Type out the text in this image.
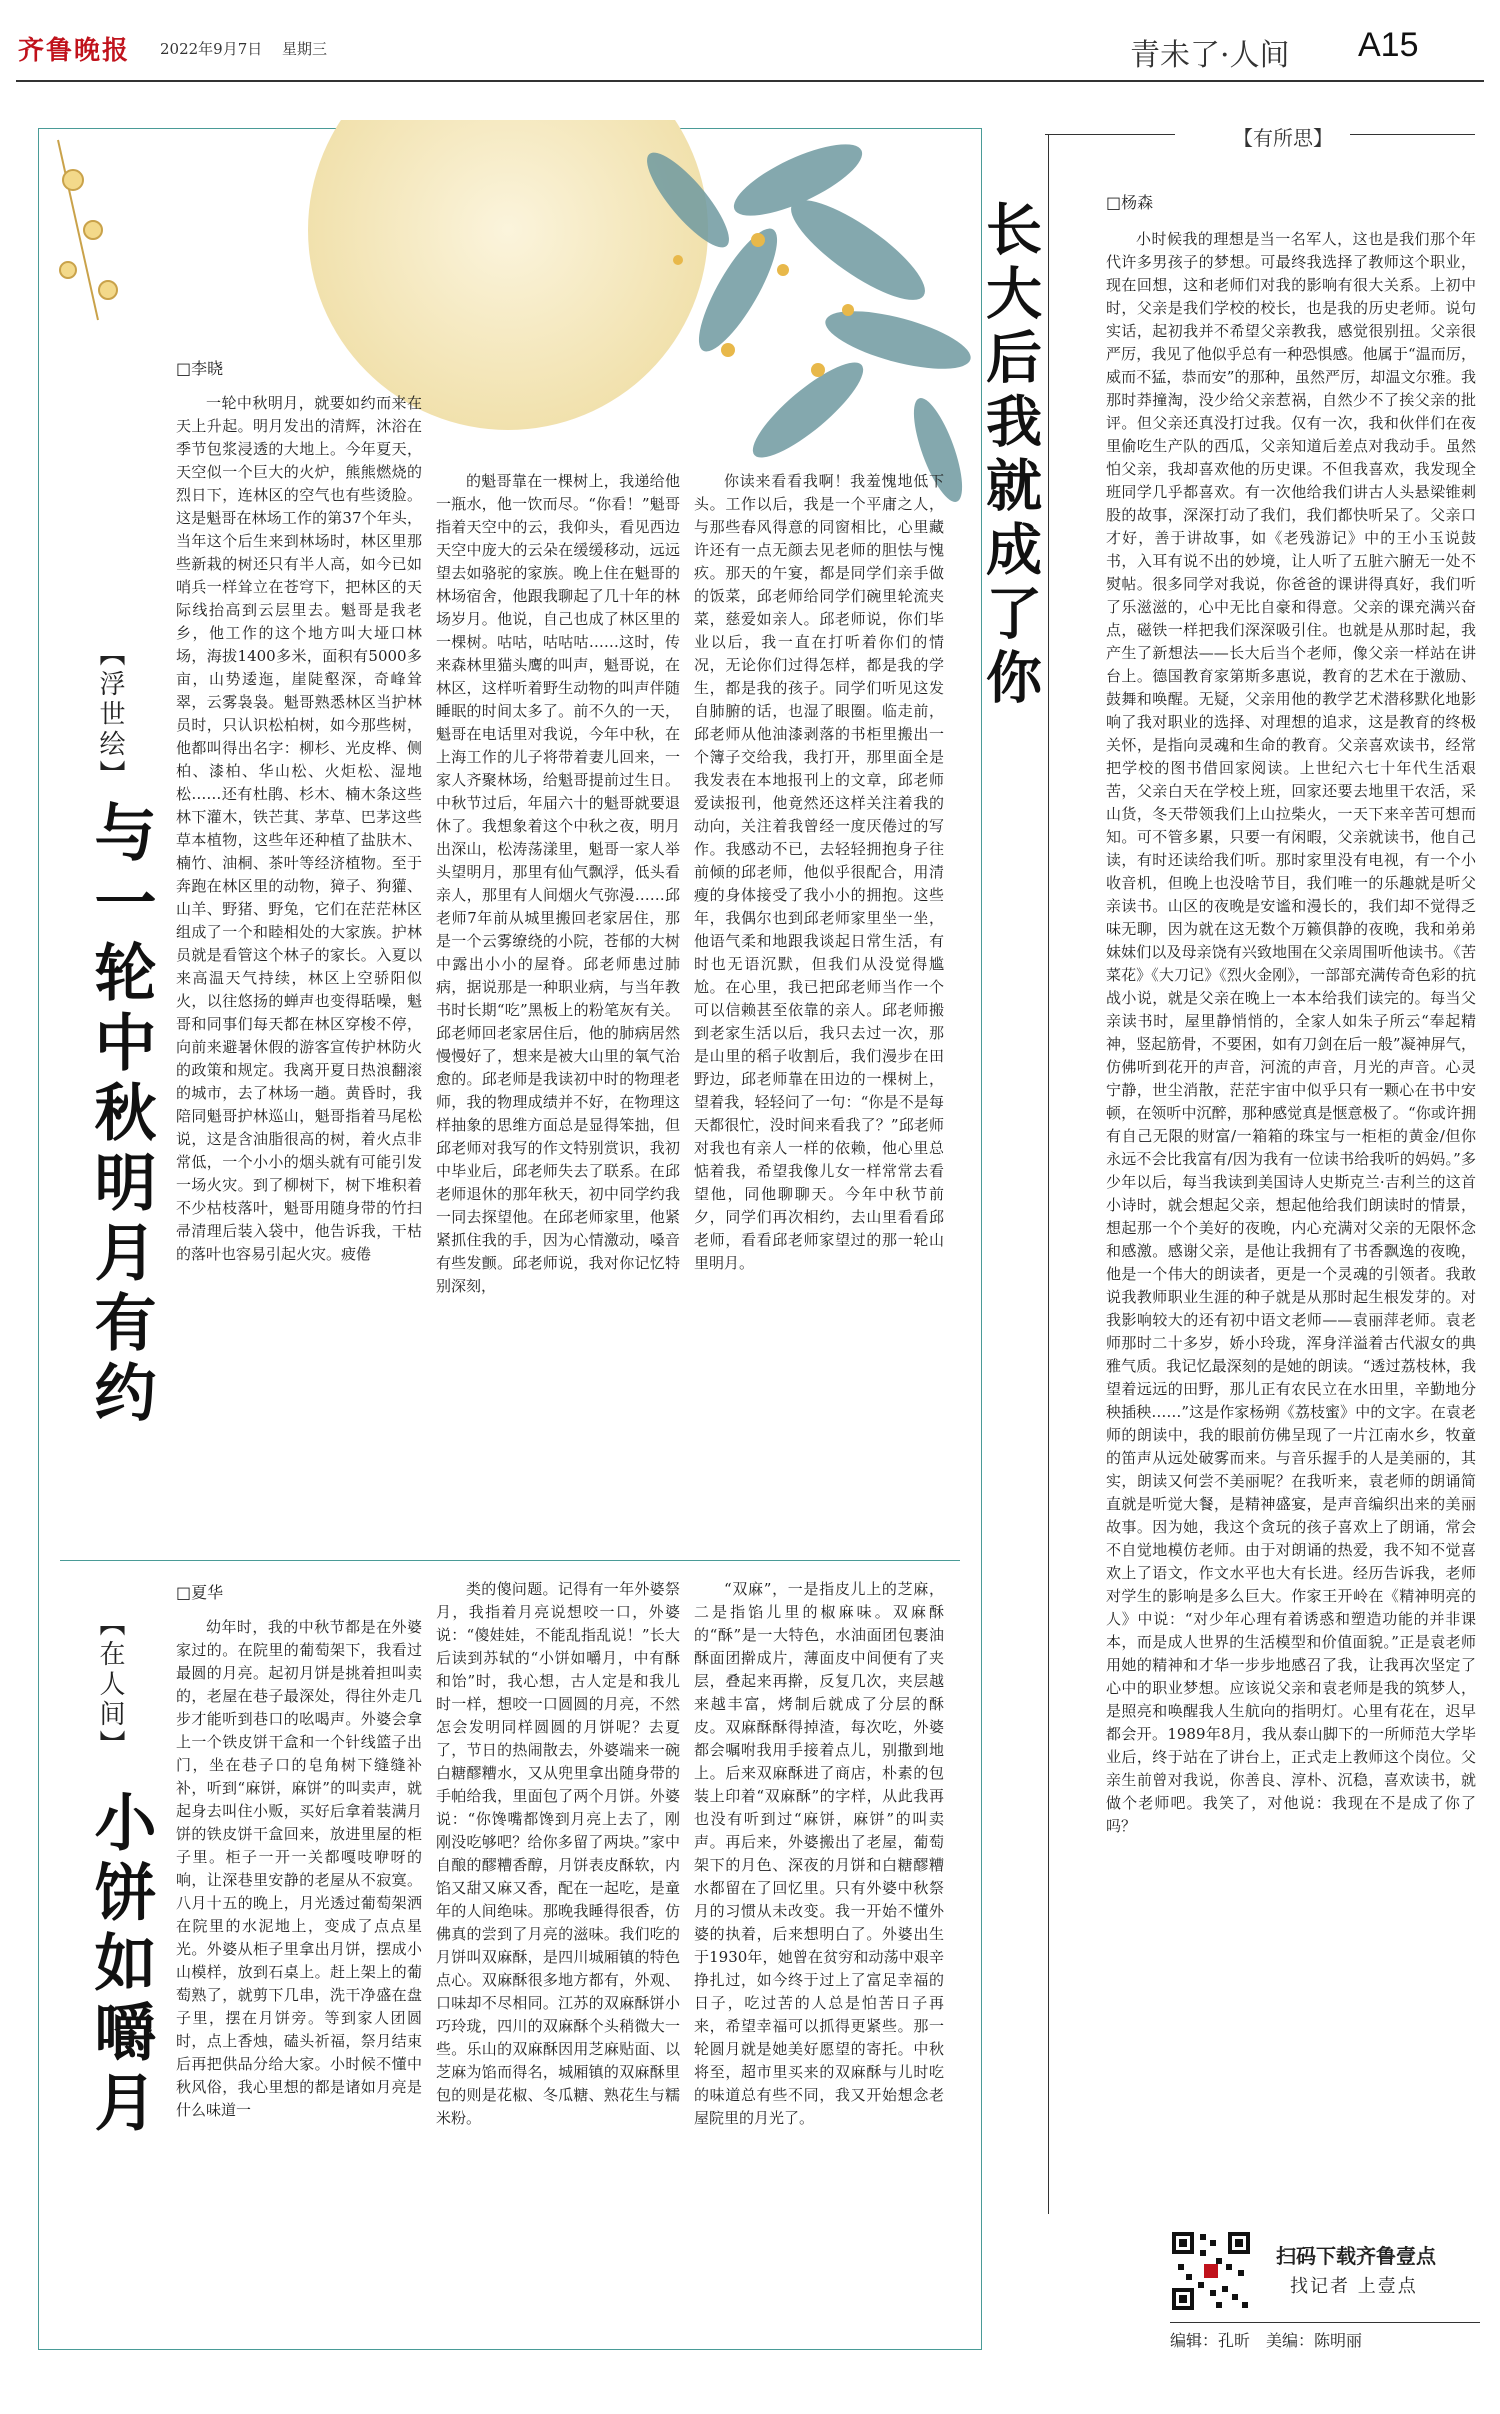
齐鲁晚报 2022年9月7日 星期三	青未了·人间 A15
【浮世绘】
与一轮中秋明月有约
□李晓
一轮中秋明月，就要如约而来在天上升起。明月发出的清辉，沐浴在季节包浆浸透的大地上。今年夏天，天空似一个巨大的火炉，熊熊燃烧的烈日下，连林区的空气也有些烫脸。这是魁哥在林场工作的第37个年头，当年这个后生来到林场时，林区里那些新栽的树还只有半人高，如今已如哨兵一样耸立在苍穹下，把林区的天际线抬高到云层里去。魁哥是我老乡，他工作的这个地方叫大垭口林场，海拔1400多米，面积有5000多亩，山势逶迤，崖陡壑深，奇峰耸翠，云雾袅袅。魁哥熟悉林区当护林员时，只认识松柏树，如今那些树，他都叫得出名字：柳杉、光皮桦、侧柏、漆柏、华山松、火炬松、湿地松……还有杜鹃、杉木、楠木条这些林下灌木，铁芒萁、茅草、巴茅这些草本植物，这些年还种植了盐肤木、楠竹、油桐、茶叶等经济植物。至于奔跑在林区里的动物，獐子、狗獾、山羊、野猪、野兔，它们在茫茫林区组成了一个和睦相处的大家族。护林员就是看管这个林子的家长。入夏以来高温天气持续，林区上空骄阳似火，以往悠扬的蝉声也变得聒噪，魁哥和同事们每天都在林区穿梭不停，向前来避暑休假的游客宣传护林防火的政策和规定。我离开夏日热浪翻滚的城市，去了林场一趟。黄昏时，我陪同魁哥护林巡山，魁哥指着马尾松说，这是含油脂很高的树，着火点非常低，一个小小的烟头就有可能引发一场火灾。到了柳树下，树下堆积着不少枯枝落叶，魁哥用随身带的竹扫帚清理后装入袋中，他告诉我，干枯的落叶也容易引起火灾。疲倦
的魁哥靠在一棵树上，我递给他一瓶水，他一饮而尽。“你看！”魁哥指着天空中的云，我仰头，看见西边天空中庞大的云朵在缓缓移动，远远望去如骆驼的家族。晚上住在魁哥的林场宿舍，他跟我聊起了几十年的林场岁月。他说，自己也成了林区里的一棵树。咕咕，咕咕咕……这时，传来森林里猫头鹰的叫声，魁哥说，在林区，这样听着野生动物的叫声伴随睡眠的时间太多了。前不久的一天，魁哥在电话里对我说，今年中秋，在上海工作的儿子将带着妻儿回来，一家人齐聚林场，给魁哥提前过生日。中秋节过后，年届六十的魁哥就要退休了。我想象着这个中秋之夜，明月出深山，松涛荡漾里，魁哥一家人举头望明月，那里有仙气飘浮，低头看亲人，那里有人间烟火气弥漫……邱老师7年前从城里搬回老家居住，那是一个云雾缭绕的小院，苍郁的大树中露出小小的屋脊。邱老师患过肺病，据说那是一种职业病，与当年教书时长期“吃”黑板上的粉笔灰有关。邱老师回老家居住后，他的肺病居然慢慢好了，想来是被大山里的氧气治愈的。邱老师是我读初中时的物理老师，我的物理成绩并不好，在物理这样抽象的思维方面总是显得笨拙，但邱老师对我写的作文特别赏识，我初中毕业后，邱老师失去了联系。在邱老师退休的那年秋天，初中同学约我一同去探望他。在邱老师家里，他紧紧抓住我的手，因为心情激动，嗓音有些发颤。邱老师说，我对你记忆特别深刻，
你读来看看我啊！我羞愧地低下头。工作以后，我是一个平庸之人，与那些春风得意的同窗相比，心里藏许还有一点无颜去见老师的胆怯与愧疚。那天的午宴，都是同学们亲手做的饭菜，邱老师给同学们碗里轮流夹菜，慈爱如亲人。邱老师说，你们毕业以后，我一直在打听着你们的情况，无论你们过得怎样，都是我的学生，都是我的孩子。同学们听见这发自肺腑的话，也湿了眼圈。临走前，邱老师从他油漆剥落的书柜里搬出一个簿子交给我，我打开，那里面全是我发表在本地报刊上的文章，邱老师爱读报刊，他竟然还这样关注着我的动向，关注着我曾经一度厌倦过的写作。我感动不已，去轻轻拥抱身子往前倾的邱老师，他似乎很配合，用清瘦的身体接受了我小小的拥抱。这些年，我偶尔也到邱老师家里坐一坐，他语气柔和地跟我谈起日常生活，有时也无语沉默，但我们从没觉得尴尬。在心里，我已把邱老师当作一个可以信赖甚至依靠的亲人。邱老师搬到老家生活以后，我只去过一次，那是山里的稻子收割后，我们漫步在田野边，邱老师靠在田边的一棵树上，望着我，轻轻问了一句：“你是不是每天都很忙，没时间来看我了？”邱老师对我也有亲人一样的依赖，他心里总惦着我，希望我像儿女一样常常去看望他，同他聊聊天。今年中秋节前夕，同学们再次相约，去山里看看邱老师，看看邱老师家望过的那一轮山里明月。
【在人间】
小饼如嚼月
□夏华
幼年时，我的中秋节都是在外婆家过的。在院里的葡萄架下，我看过最圆的月亮。起初月饼是挑着担叫卖的，老屋在巷子最深处，得往外走几步才能听到巷口的吆喝声。外婆会拿上一个铁皮饼干盒和一个针线篮子出门，坐在巷子口的皂角树下缝缝补补，听到“麻饼，麻饼”的叫卖声，就起身去叫住小贩，买好后拿着装满月饼的铁皮饼干盒回来，放进里屋的柜子里。柜子一开一关都嘎吱咿呀的响，让深巷里安静的老屋从不寂寞。八月十五的晚上，月光透过葡萄架洒在院里的水泥地上，变成了点点星光。外婆从柜子里拿出月饼，摆成小山模样，放到石桌上。赶上架上的葡萄熟了，就剪下几串，洗干净盛在盘子里，摆在月饼旁。等到家人团圆时，点上香烛，磕头祈福，祭月结束后再把供品分给大家。小时候不懂中秋风俗，我心里想的都是诸如月亮是什么味道一
类的傻问题。记得有一年外婆祭月，我指着月亮说想咬一口，外婆说：“傻娃娃，不能乱指乱说！”长大后读到苏轼的“小饼如嚼月，中有酥和饴”时，我心想，古人定是和我儿时一样，想咬一口圆圆的月亮，不然怎会发明同样圆圆的月饼呢？去夏了，节日的热闹散去，外婆端来一碗白糖醪糟水，又从兜里拿出随身带的手帕给我，里面包了两个月饼。外婆说：“你馋嘴都馋到月亮上去了，刚刚没吃够吧？给你多留了两块。”家中自酿的醪糟香醇，月饼表皮酥软，内馅又甜又麻又香，配在一起吃，是童年的人间绝味。那晚我睡得很香，仿佛真的尝到了月亮的滋味。我们吃的月饼叫双麻酥，是四川城厢镇的特色点心。双麻酥很多地方都有，外观、口味却不尽相同。江苏的双麻酥饼小巧玲珑，四川的双麻酥个头稍微大一些。乐山的双麻酥因用芝麻贴面、以芝麻为馅而得名，城厢镇的双麻酥里包的则是花椒、冬瓜糖、熟花生与糯米粉。
“双麻”，一是指皮儿上的芝麻，二是指馅儿里的椒麻味。双麻酥的“酥”是一大特色，水油面团包裹油酥面团擀成片，薄面皮中间便有了夹层，叠起来再擀，反复几次，夹层越来越丰富，烤制后就成了分层的酥皮。双麻酥酥得掉渣，每次吃，外婆都会嘱咐我用手接着点儿，别撒到地上。后来双麻酥进了商店，朴素的包装上印着“双麻酥”的字样，从此我再也没有听到过“麻饼，麻饼”的叫卖声。再后来，外婆搬出了老屋，葡萄架下的月色、深夜的月饼和白糖醪糟水都留在了回忆里。只有外婆中秋祭月的习惯从未改变。我一开始不懂外婆的执着，后来想明白了。外婆出生于1930年，她曾在贫穷和动荡中艰辛挣扎过，如今终于过上了富足幸福的日子，吃过苦的人总是怕苦日子再来，希望幸福可以抓得更紧些。那一轮圆月就是她美好愿望的寄托。中秋将至，超市里买来的双麻酥与儿时吃的味道总有些不同，我又开始想念老屋院里的月光了。
【有所思】
长大后我就成了你	□杨森
小时候我的理想是当一名军人，这也是我们那个年代许多男孩子的梦想。可最终我选择了教师这个职业，现在回想，这和老师们对我的影响有很大关系。上初中时，父亲是我们学校的校长，也是我的历史老师。说句实话，起初我并不希望父亲教我，感觉很别扭。父亲很严厉，我见了他似乎总有一种恐惧感。他属于“温而厉，威而不猛，恭而安”的那种，虽然严厉，却温文尔雅。我那时莽撞淘，没少给父亲惹祸，自然少不了挨父亲的批评。但父亲还真没打过我。仅有一次，我和伙伴们在夜里偷吃生产队的西瓜，父亲知道后差点对我动手。虽然怕父亲，我却喜欢他的历史课。不但我喜欢，我发现全班同学几乎都喜欢。有一次他给我们讲古人头悬梁锥刺股的故事，深深打动了我们，我们都快听呆了。父亲口才好，善于讲故事，如《老残游记》中的王小玉说鼓书，入耳有说不出的妙境，让人听了五脏六腑无一处不熨帖。很多同学对我说，你爸爸的课讲得真好，我们听了乐滋滋的，心中无比自豪和得意。父亲的课充满兴奋点，磁铁一样把我们深深吸引住。也就是从那时起，我产生了新想法——长大后当个老师，像父亲一样站在讲台上。德国教育家第斯多惠说，教育的艺术在于激励、鼓舞和唤醒。无疑，父亲用他的教学艺术潜移默化地影响了我对职业的选择、对理想的追求，这是教育的终极关怀，是指向灵魂和生命的教育。父亲喜欢读书，经常把学校的图书借回家阅读。上世纪六七十年代生活艰苦，父亲白天在学校上班，回家还要去地里干农活，采山货，冬天带领我们上山拉柴火，一天下来辛苦可想而知。可不管多累，只要一有闲暇，父亲就读书，他自己读，有时还读给我们听。那时家里没有电视，有一个小收音机，但晚上也没啥节目，我们唯一的乐趣就是听父亲读书。山区的夜晚是安谧和漫长的，我们却不觉得乏味无聊，因为就在这无数个万籁俱静的夜晚，我和弟弟妹妹们以及母亲饶有兴致地围在父亲周围听他读书。《苦菜花》《大刀记》《烈火金刚》，一部部充满传奇色彩的抗战小说，就是父亲在晚上一本本给我们读完的。每当父亲读书时，屋里静悄悄的，全家人如朱子所云“奉起精神，竖起筋骨，不要困，如有刀剑在后一般”凝神屏气，仿佛听到花开的声音，河流的声音，月光的声音。心灵宁静，世尘消散，茫茫宇宙中似乎只有一颗心在书中安顿，在领听中沉醉，那种感觉真是惬意极了。“你或许拥有自己无限的财富/一箱箱的珠宝与一柜柜的黄金/但你永远不会比我富有/因为我有一位读书给我听的妈妈。”多少年以后，每当我读到美国诗人史斯克兰·吉利兰的这首小诗时，就会想起父亲，想起他给我们朗读时的情景，想起那一个个美好的夜晚，内心充满对父亲的无限怀念和感激。感谢父亲，是他让我拥有了书香飘逸的夜晚，他是一个伟大的朗读者，更是一个灵魂的引领者。我敢说我教师职业生涯的种子就是从那时起生根发芽的。对我影响较大的还有初中语文老师——袁丽萍老师。袁老师那时二十多岁，娇小玲珑，浑身洋溢着古代淑女的典雅气质。我记忆最深刻的是她的朗读。“透过荔枝林，我望着远远的田野，那儿正有农民立在水田里，辛勤地分秧插秧……”这是作家杨朔《荔枝蜜》中的文字。在袁老师的朗读中，我的眼前仿佛呈现了一片江南水乡，牧童的笛声从远处破雾而来。与音乐握手的人是美丽的，其实，朗读又何尝不美丽呢？在我听来，袁老师的朗诵简直就是听觉大餐，是精神盛宴，是声音编织出来的美丽故事。因为她，我这个贪玩的孩子喜欢上了朗诵，常会不自觉地模仿老师。由于对朗诵的热爱，我不知不觉喜欢上了语文，作文水平也大有长进。经历告诉我，老师对学生的影响是多么巨大。作家王开岭在《精神明亮的人》中说：“对少年心理有着诱惑和塑造功能的并非课本，而是成人世界的生活模型和价值面貌。”正是袁老师用她的精神和才华一步步地感召了我，让我再次坚定了心中的职业梦想。应该说父亲和袁老师是我的筑梦人，是照亮和唤醒我人生航向的指明灯。心里有花在，迟早都会开。1989年8月，我从泰山脚下的一所师范大学毕业后，终于站在了讲台上，正式走上教师这个岗位。父亲生前曾对我说，你善良、淳朴、沉稳，喜欢读书，就做个老师吧。我笑了，对他说：我现在不是成了你了吗？
扫码下载齐鲁壹点
找记者 上壹点
编辑：孔昕　美编：陈明丽
